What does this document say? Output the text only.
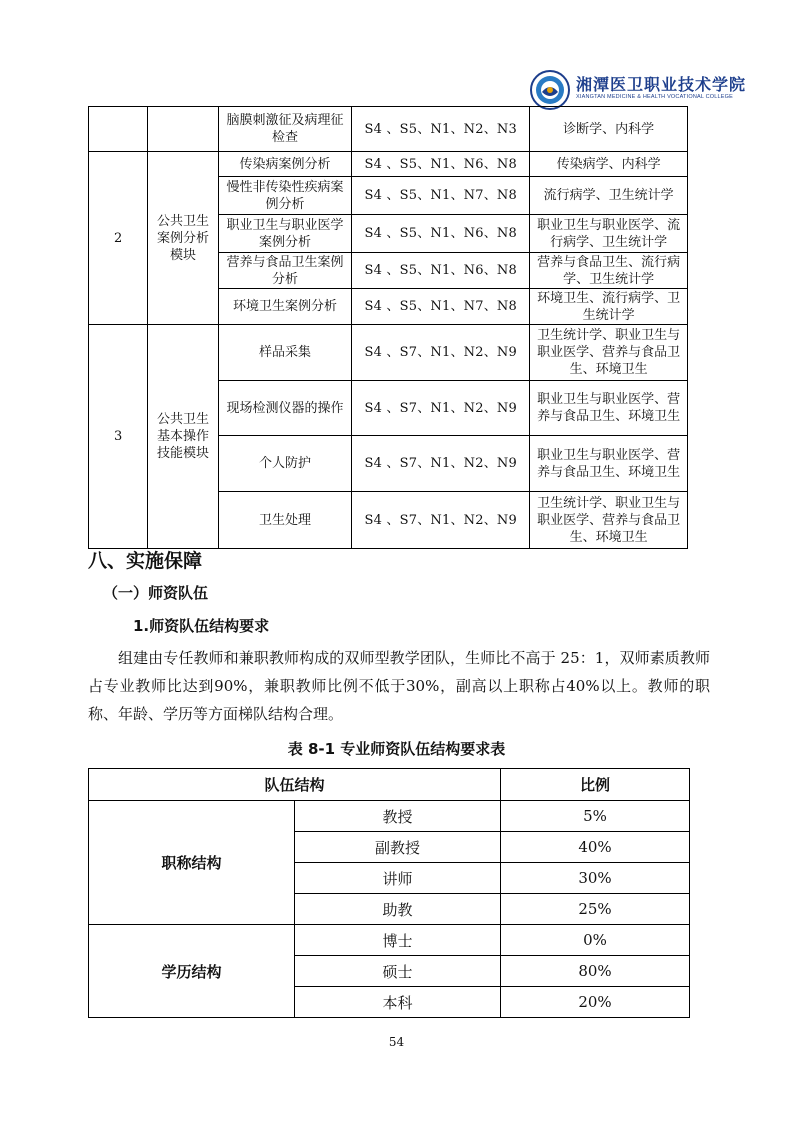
湘潭医卫职业技术学院
XIANGTAN MEDICINE & HEALTH VOCATIONAL COLLEGE
		脑膜刺激征及病理征检查	S4 、S5、N1、N2、N3	诊断学、内科学
2	公共卫生案例分析模块	传染病案例分析	S4 、S5、N1、N6、N8	传染病学、内科学
		慢性非传染性疾病案例分析	S4 、S5、N1、N7、N8	流行病学、卫生统计学
		职业卫生与职业医学案例分析	S4 、S5、N1、N6、N8	职业卫生与职业医学、流行病学、卫生统计学
		营养与食品卫生案例分析	S4 、S5、N1、N6、N8	营养与食品卫生、流行病学、卫生统计学
		环境卫生案例分析	S4 、S5、N1、N7、N8	环境卫生、流行病学、卫生统计学
3	公共卫生基本操作技能模块	样品采集	S4 、S7、N1、N2、N9	卫生统计学、职业卫生与职业医学、营养与食品卫生、环境卫生
		现场检测仪器的操作	S4 、S7、N1、N2、N9	职业卫生与职业医学、营养与食品卫生、环境卫生
		个人防护	S4 、S7、N1、N2、N9	职业卫生与职业医学、营养与食品卫生、环境卫生
		卫生处理	S4 、S7、N1、N2、N9	卫生统计学、职业卫生与职业医学、营养与食品卫生、环境卫生
八、实施保障
（一）师资队伍
1.师资队伍结构要求
组建由专任教师和兼职教师构成的双师型教学团队，生师比不高于 25：1，双师素质教师占专业教师比达到90%，兼职教师比例不低于30%，副高以上职称占40%以上。教师的职称、年龄、学历等方面梯队结构合理。
表 8-1 专业师资队伍结构要求表
队伍结构		比例
职称结构	教授	5%
	副教授	40%
	讲师	30%
	助教	25%
学历结构	博士	0%
	硕士	80%
	本科	20%
54
